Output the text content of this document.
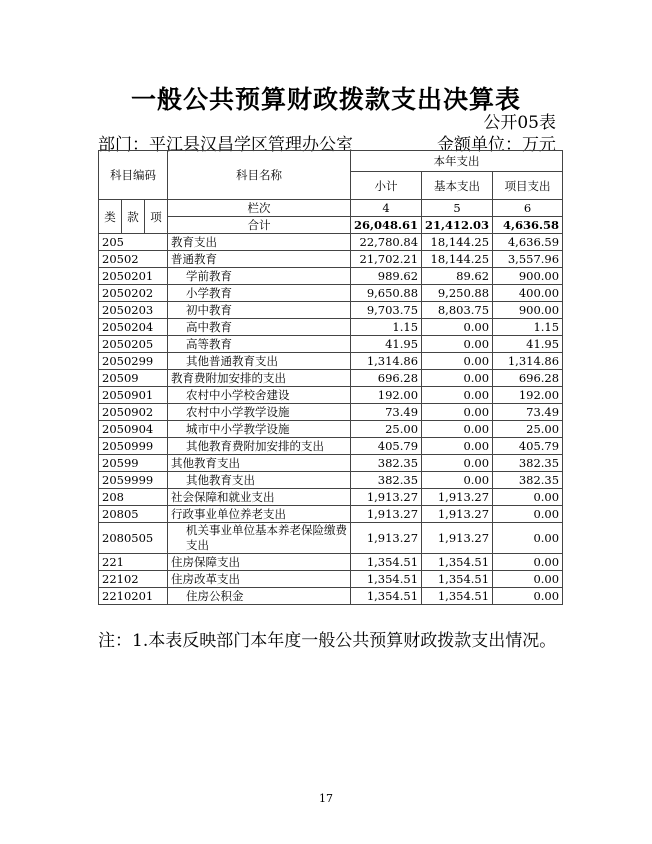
一般公共预算财政拨款支出决算表
公开05表
部门：平江县汉昌学区管理办公室	金额单位：万元
科目编码			科目名称	本年支出		
				小计	基本支出	项目支出
类	款	项	栏次	4	5	6
			合计	26,048.61	21,412.03	4,636.58
205			教育支出	22,780.84	18,144.25	4,636.59
20502			普通教育	21,702.21	18,144.25	3,557.96
2050201			学前教育	989.62	89.62	900.00
2050202			小学教育	9,650.88	9,250.88	400.00
2050203			初中教育	9,703.75	8,803.75	900.00
2050204			高中教育	1.15	0.00	1.15
2050205			高等教育	41.95	0.00	41.95
2050299			其他普通教育支出	1,314.86	0.00	1,314.86
20509			教育费附加安排的支出	696.28	0.00	696.28
2050901			农村中小学校舍建设	192.00	0.00	192.00
2050902			农村中小学教学设施	73.49	0.00	73.49
2050904			城市中小学教学设施	25.00	0.00	25.00
2050999			其他教育费附加安排的支出	405.79	0.00	405.79
20599			其他教育支出	382.35	0.00	382.35
2059999			其他教育支出	382.35	0.00	382.35
208			社会保障和就业支出	1,913.27	1,913.27	0.00
20805			行政事业单位养老支出	1,913.27	1,913.27	0.00
2080505			机关事业单位基本养老保险缴费支出	1,913.27	1,913.27	0.00
221			住房保障支出	1,354.51	1,354.51	0.00
22102			住房改革支出	1,354.51	1,354.51	0.00
2210201			住房公积金	1,354.51	1,354.51	0.00
注：1.本表反映部门本年度一般公共预算财政拨款支出情况。
17
